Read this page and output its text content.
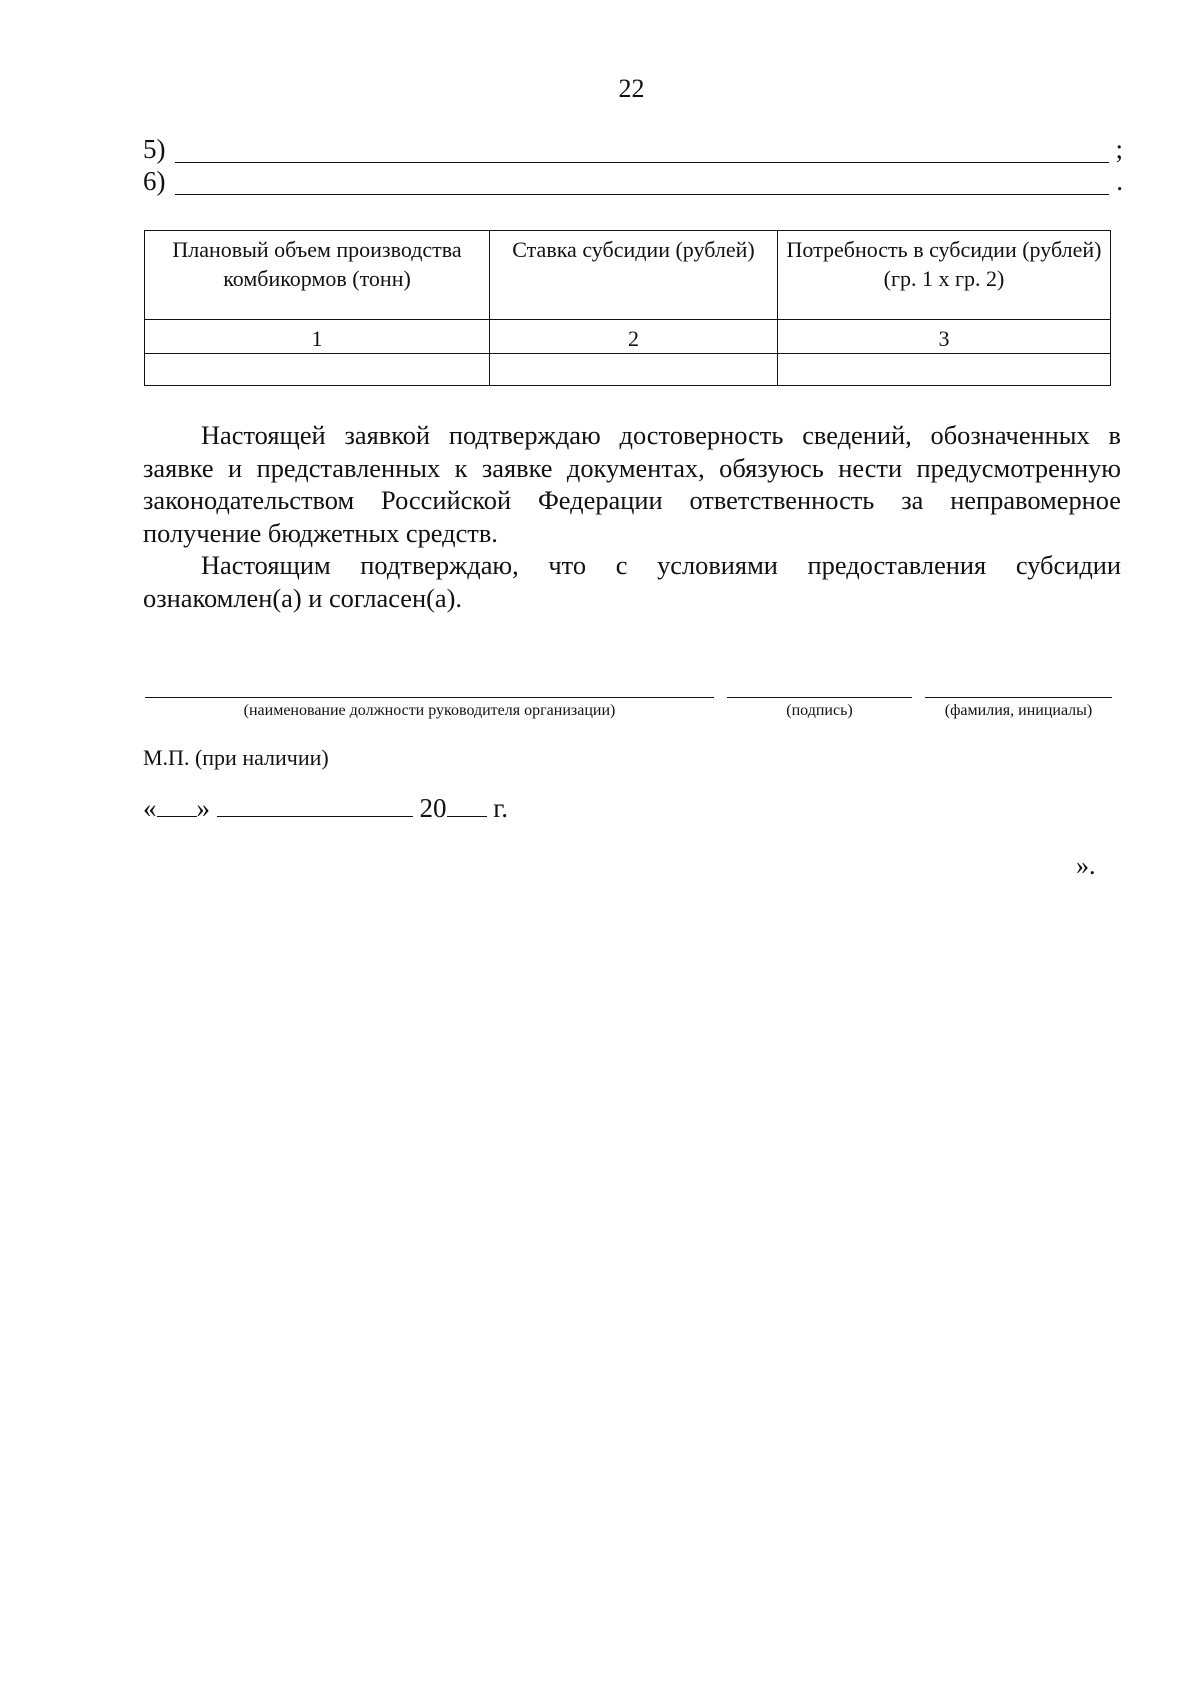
22
5)	;
6)	.
Плановый объем производства комбикормов (тонн)	Ставка субсидии (рублей)	Потребность в субсидии (рублей) (гр. 1 х гр. 2)
1	2	3

Настоящей заявкой подтверждаю достоверность сведений, обозначенных в заявке и представленных к заявке документах, обязуюсь нести предусмотренную законодательством Российской Федерации ответственность за неправомерное получение бюджетных средств.

Настоящим подтверждаю, что с условиями предоставления субсидии ознакомлен(а) и согласен(а).

(наименование должности руководителя организации)	(подпись)	(фамилия, инициалы)
М.П. (при наличии)
« »	20 г.
».
